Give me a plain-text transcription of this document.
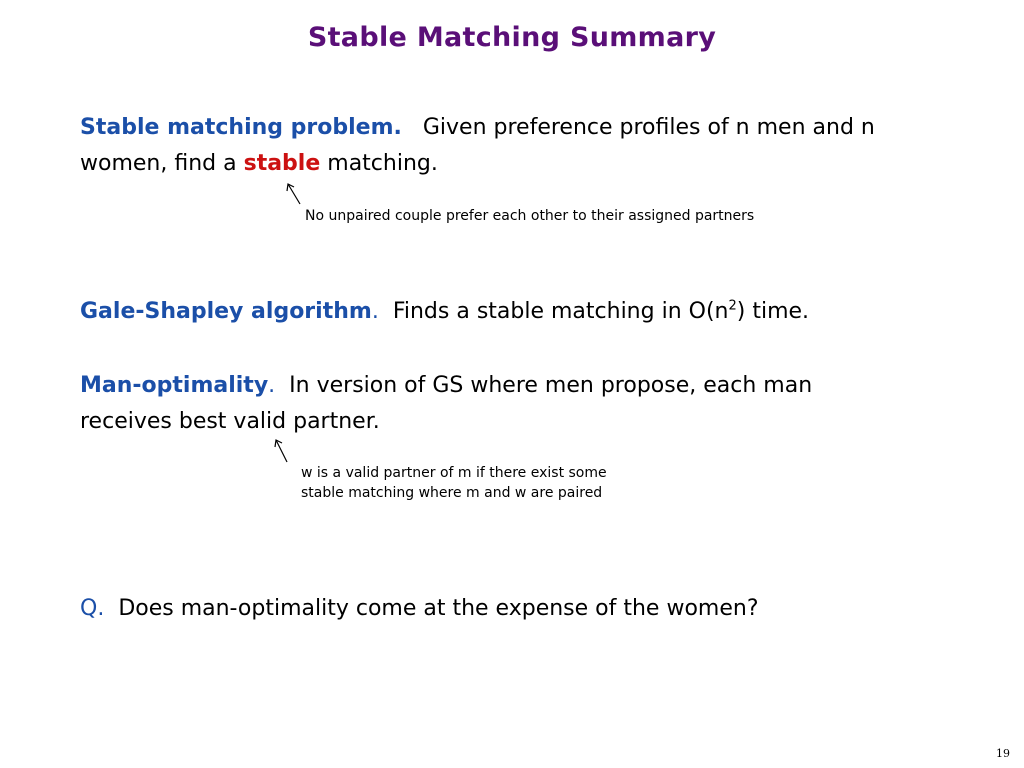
Stable Matching Summary

Stable matching problem. Given preference profiles of n men and n women, find a stable matching.

No unpaired couple prefer each other to their assigned partners

Gale-Shapley algorithm. Finds a stable matching in $O(n^2)$ time.

Man-optimality. In version of GS where men propose, each man receives best valid partner.

w is a valid partner of m if there exist some
stable matching where m and w are paired

Q. Does man-optimality come at the expense of the women?

19
